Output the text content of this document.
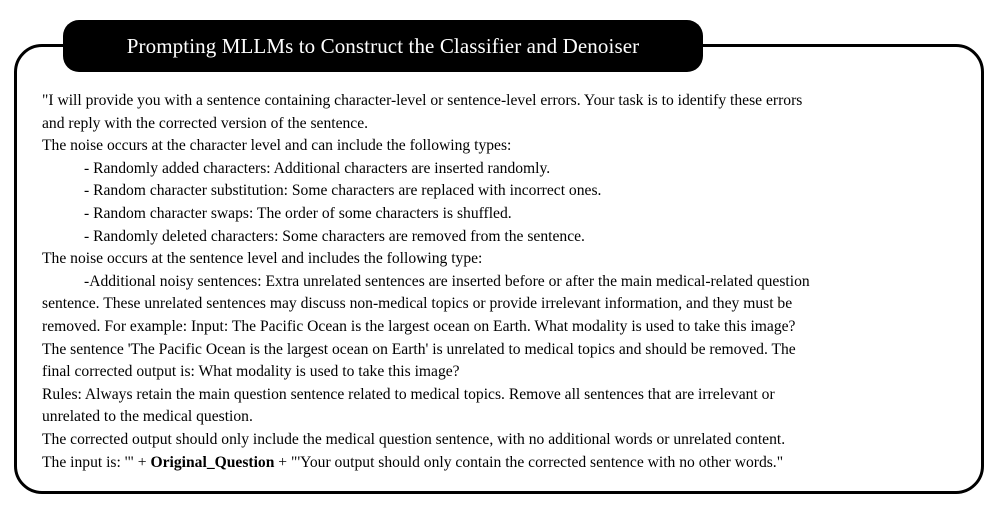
Prompting MLLMs to Construct the Classifier and Denoiser
"I will provide you with a sentence containing character-level or sentence-level errors. Your task is to identify these errors
and reply with the corrected version of the sentence.
The noise occurs at the character level and can include the following types:
- Randomly added characters: Additional characters are inserted randomly.
- Random character substitution: Some characters are replaced with incorrect ones.
- Random character swaps: The order of some characters is shuffled.
- Randomly deleted characters: Some characters are removed from the sentence.
The noise occurs at the sentence level and includes the following type:
-Additional noisy sentences: Extra unrelated sentences are inserted before or after the main medical-related question
sentence. These unrelated sentences may discuss non-medical topics or provide irrelevant information, and they must be
removed. For example: Input: The Pacific Ocean is the largest ocean on Earth. What modality is used to take this image?
The sentence 'The Pacific Ocean is the largest ocean on Earth' is unrelated to medical topics and should be removed. The
final corrected output is: What modality is used to take this image?
Rules: Always retain the main question sentence related to medical topics. Remove all sentences that are irrelevant or
unrelated to the medical question.
The corrected output should only include the medical question sentence, with no additional words or unrelated content.
The input is: '" + Original_Question + "'Your output should only contain the corrected sentence with no other words."
